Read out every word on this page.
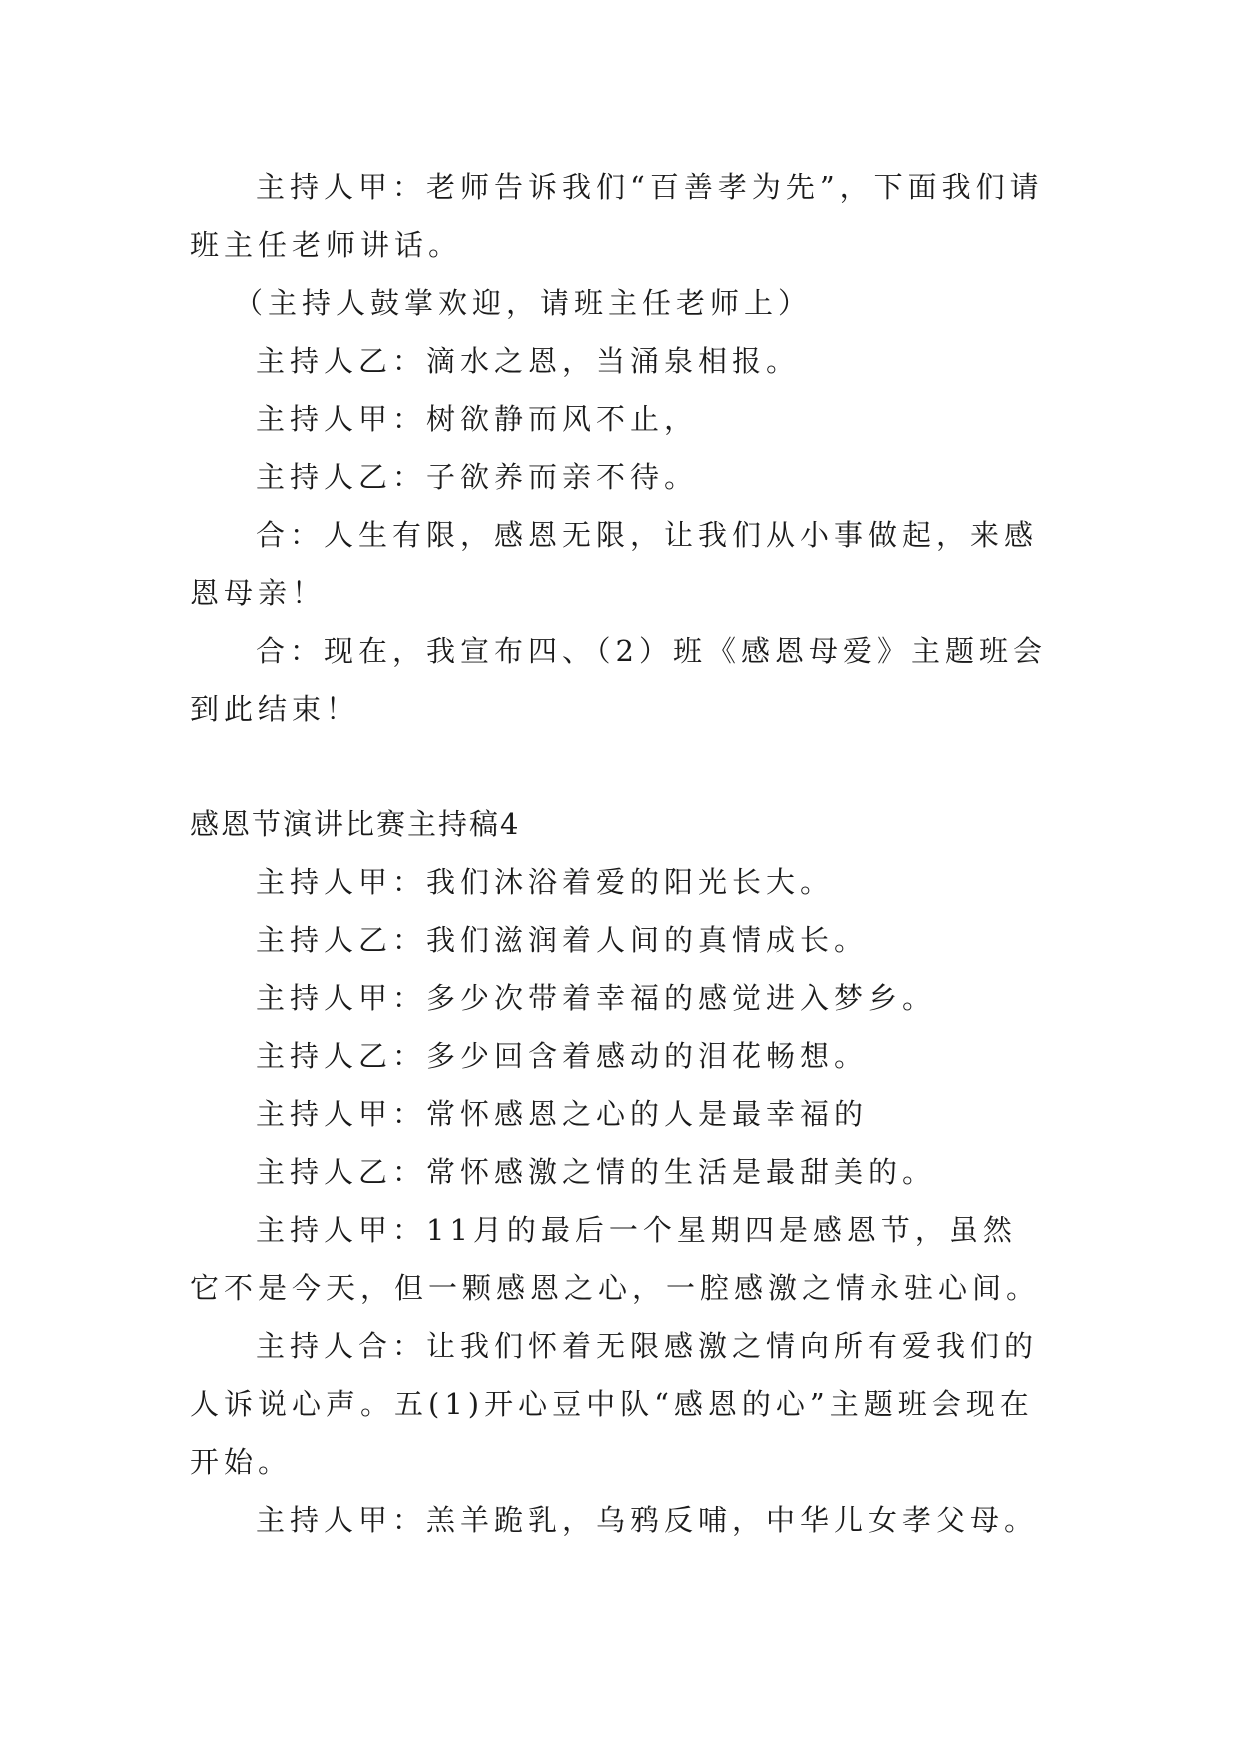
主持人甲：老师告诉我们“百善孝为先”，下面我们请班主任老师讲话。

（主持人鼓掌欢迎，请班主任老师上）

主持人乙：滴水之恩，当涌泉相报。

主持人甲：树欲静而风不止，

主持人乙：子欲养而亲不待。

合：人生有限，感恩无限，让我们从小事做起，来感恩母亲！

合：现在，我宣布四、（2）班《感恩母爱》主题班会到此结束！

感恩节演讲比赛主持稿4

主持人甲：我们沐浴着爱的阳光长大。

主持人乙：我们滋润着人间的真情成长。

主持人甲：多少次带着幸福的感觉进入梦乡。

主持人乙：多少回含着感动的泪花畅想。

主持人甲：常怀感恩之心的人是最幸福的

主持人乙：常怀感激之情的生活是最甜美的。

主持人甲：11月的最后一个星期四是感恩节，虽然它不是今天，但一颗感恩之心，一腔感激之情永驻心间。

主持人合：让我们怀着无限感激之情向所有爱我们的人诉说心声。五(1)开心豆中队“感恩的心”主题班会现在开始。

主持人甲：羔羊跪乳，乌鸦反哺，中华儿女孝父母。
